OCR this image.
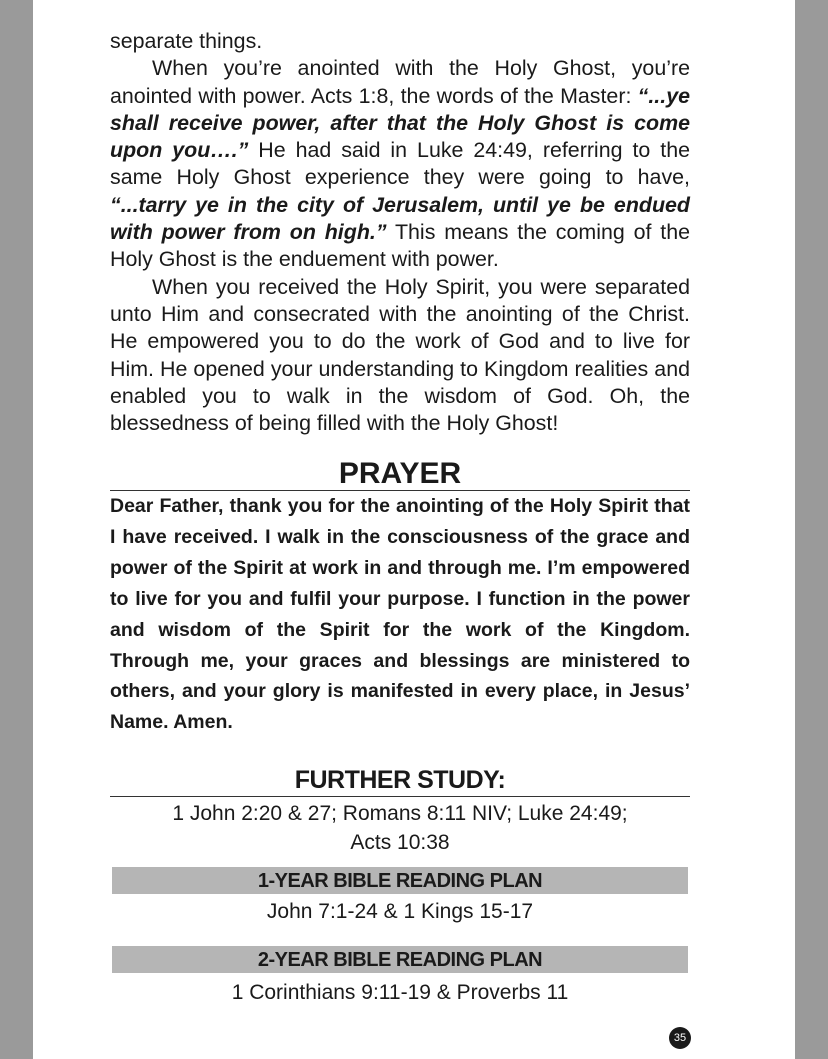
separate things.

When you’re anointed with the Holy Ghost, you’re anointed with power. Acts 1:8, the words of the Master: “...ye shall receive power, after that the Holy Ghost is come upon you….” He had said in Luke 24:49, referring to the same Holy Ghost experience they were going to have, “...tarry ye in the city of Jerusalem, until ye be endued with power from on high.” This means the coming of the Holy Ghost is the enduement with power.

When you received the Holy Spirit, you were separated unto Him and consecrated with the anointing of the Christ. He empowered you to do the work of God and to live for Him. He opened your understanding to Kingdom realities and enabled you to walk in the wisdom of God. Oh, the blessedness of being filled with the Holy Ghost!

PRAYER

Dear Father, thank you for the anointing of the Holy Spirit that I have received. I walk in the consciousness of the grace and power of the Spirit at work in and through me. I’m empowered to live for you and fulfil your purpose. I function in the power and wisdom of the Spirit for the work of the Kingdom. Through me, your graces and blessings are ministered to others, and your glory is manifested in every place, in Jesus’ Name. Amen.

FURTHER STUDY:
1 John 2:20 & 27; Romans 8:11 NIV; Luke 24:49;
Acts 10:38
1-YEAR BIBLE READING PLAN
John 7:1-24 & 1 Kings 15-17
2-YEAR BIBLE READING PLAN
1 Corinthians 9:11-19 & Proverbs 11
35
